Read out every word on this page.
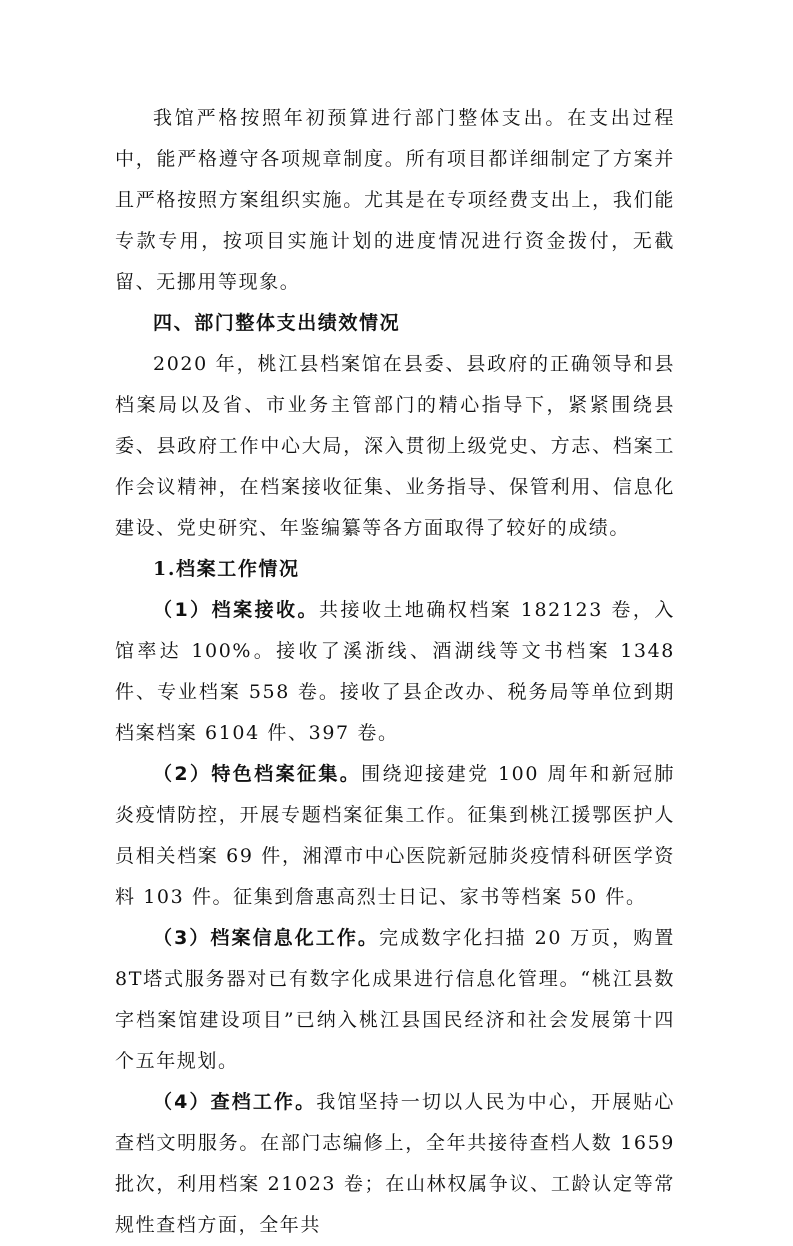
我馆严格按照年初预算进行部门整体支出。在支出过程中，能严格遵守各项规章制度。所有项目都详细制定了方案并且严格按照方案组织实施。尤其是在专项经费支出上，我们能专款专用，按项目实施计划的进度情况进行资金拨付，无截留、无挪用等现象。

四、部门整体支出绩效情况

2020 年，桃江县档案馆在县委、县政府的正确领导和县档案局以及省、市业务主管部门的精心指导下，紧紧围绕县委、县政府工作中心大局，深入贯彻上级党史、方志、档案工作会议精神，在档案接收征集、业务指导、保管利用、信息化建设、党史研究、年鉴编纂等各方面取得了较好的成绩。

1.档案工作情况

（1）档案接收。共接收土地确权档案 182123 卷，入馆率达 100%。接收了溪浙线、酒湖线等文书档案 1348 件、专业档案 558 卷。接收了县企改办、税务局等单位到期档案档案 6104 件、397 卷。

（2）特色档案征集。围绕迎接建党 100 周年和新冠肺炎疫情防控，开展专题档案征集工作。征集到桃江援鄂医护人员相关档案 69 件，湘潭市中心医院新冠肺炎疫情科研医学资料 103 件。征集到詹惠高烈士日记、家书等档案 50 件。

（3）档案信息化工作。完成数字化扫描 20 万页，购置 8T塔式服务器对已有数字化成果进行信息化管理。“桃江县数字档案馆建设项目”已纳入桃江县国民经济和社会发展第十四个五年规划。

（4）查档工作。我馆坚持一切以人民为中心，开展贴心查档文明服务。在部门志编修上，全年共接待查档人数 1659 批次，利用档案 21023 卷；在山林权属争议、工龄认定等常规性查档方面，全年共
